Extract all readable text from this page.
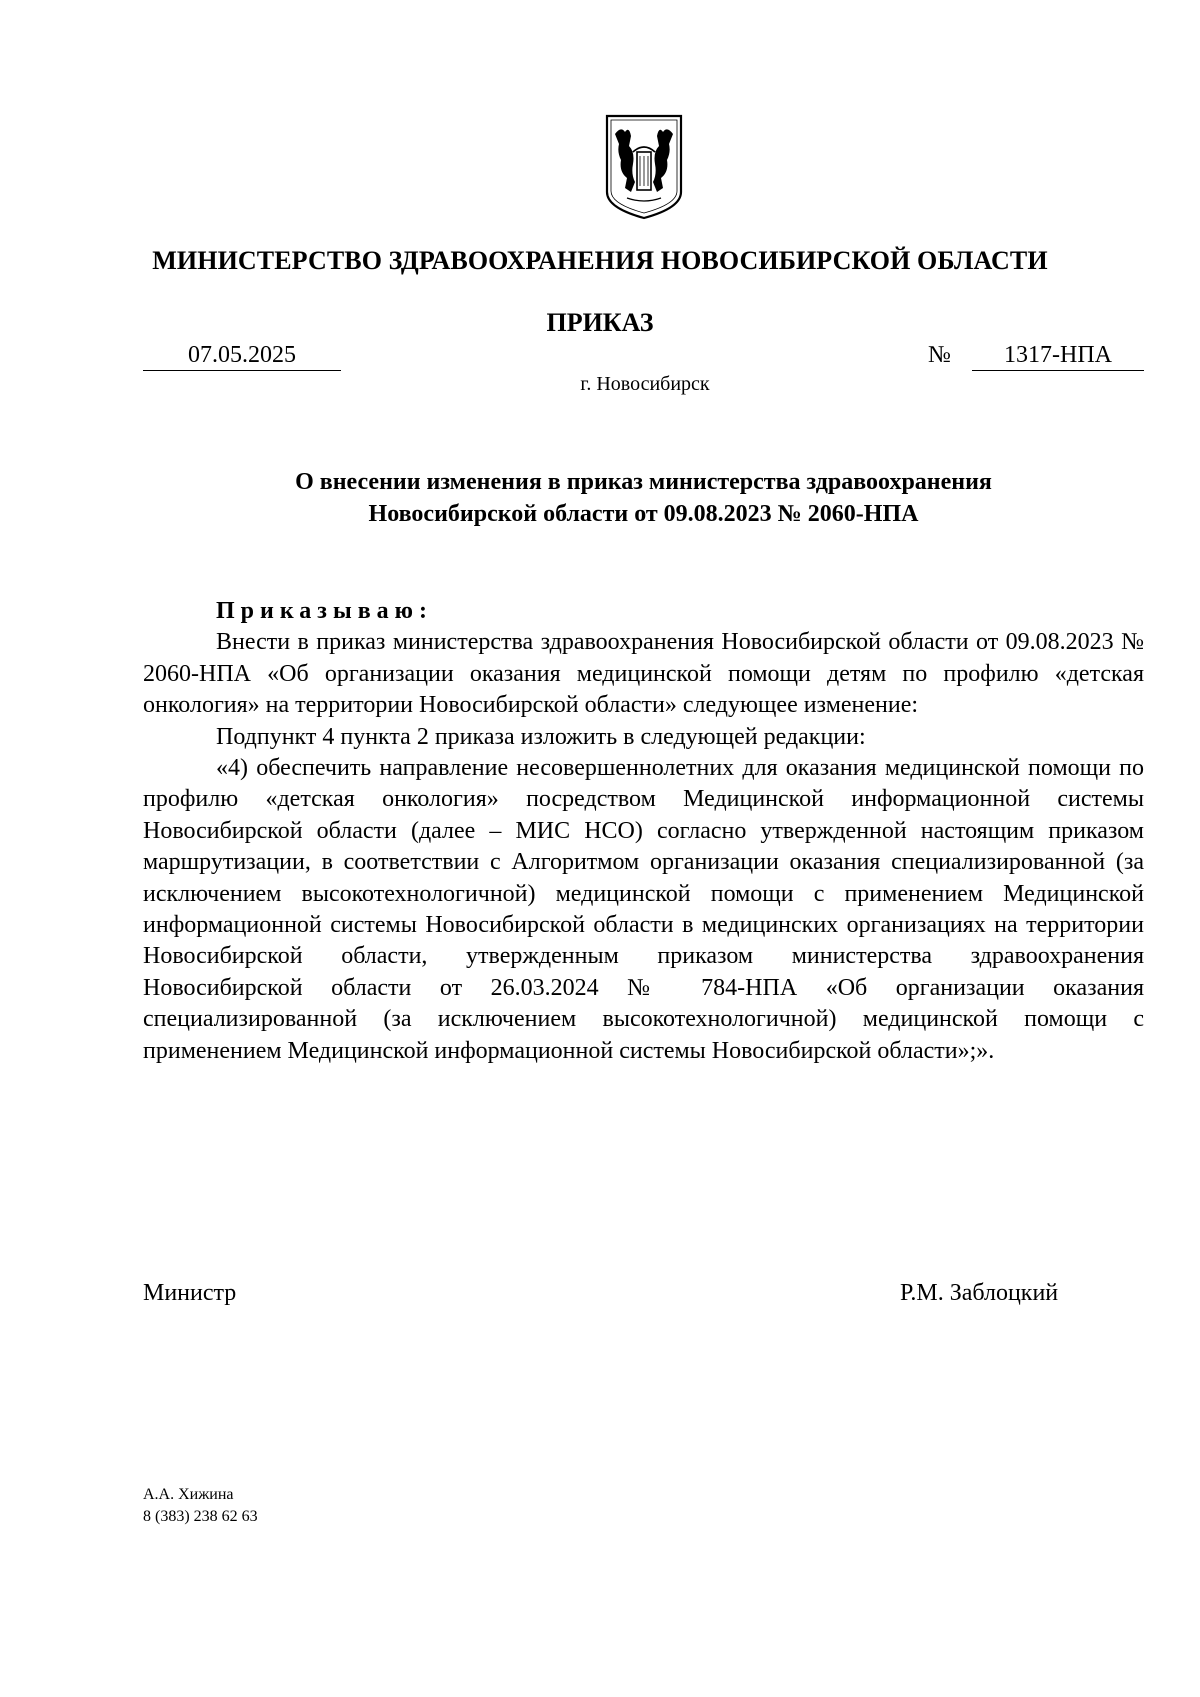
МИНИСТЕРСТВО ЗДРАВООХРАНЕНИЯ НОВОСИБИРСКОЙ ОБЛАСТИ
ПРИКАЗ
07.05.2025	№	1317-НПА
г. Новосибирск
О внесении изменения в приказ министерства здравоохранения
Новосибирской области от 09.08.2023 № 2060-НПА

Приказываю:

Внести в приказ министерства здравоохранения Новосибирской области от 09.08.2023 № 2060-НПА «Об организации оказания медицинской помощи детям по профилю «детская онкология» на территории Новосибирской области» следующее изменение:

Подпункт 4 пункта 2 приказа изложить в следующей редакции:

«4) обеспечить направление несовершеннолетних для оказания медицинской помощи по профилю «детская онкология» посредством Медицинской информационной системы Новосибирской области (далее – МИС НСО) согласно утвержденной настоящим приказом маршрутизации, в соответствии с Алгоритмом организации оказания специализированной (за исключением высокотехнологичной) медицинской помощи с применением Медицинской информационной системы Новосибирской области в медицинских организациях на территории Новосибирской области, утвержденным приказом министерства здравоохранения Новосибирской области от 26.03.2024 № 784-НПА «Об организации оказания специализированной (за исключением высокотехнологичной) медицинской помощи с применением Медицинской информационной системы Новосибирской области»;».

Министр	Р.М. Заблоцкий
А.А. Хижина
8 (383) 238 62 63
